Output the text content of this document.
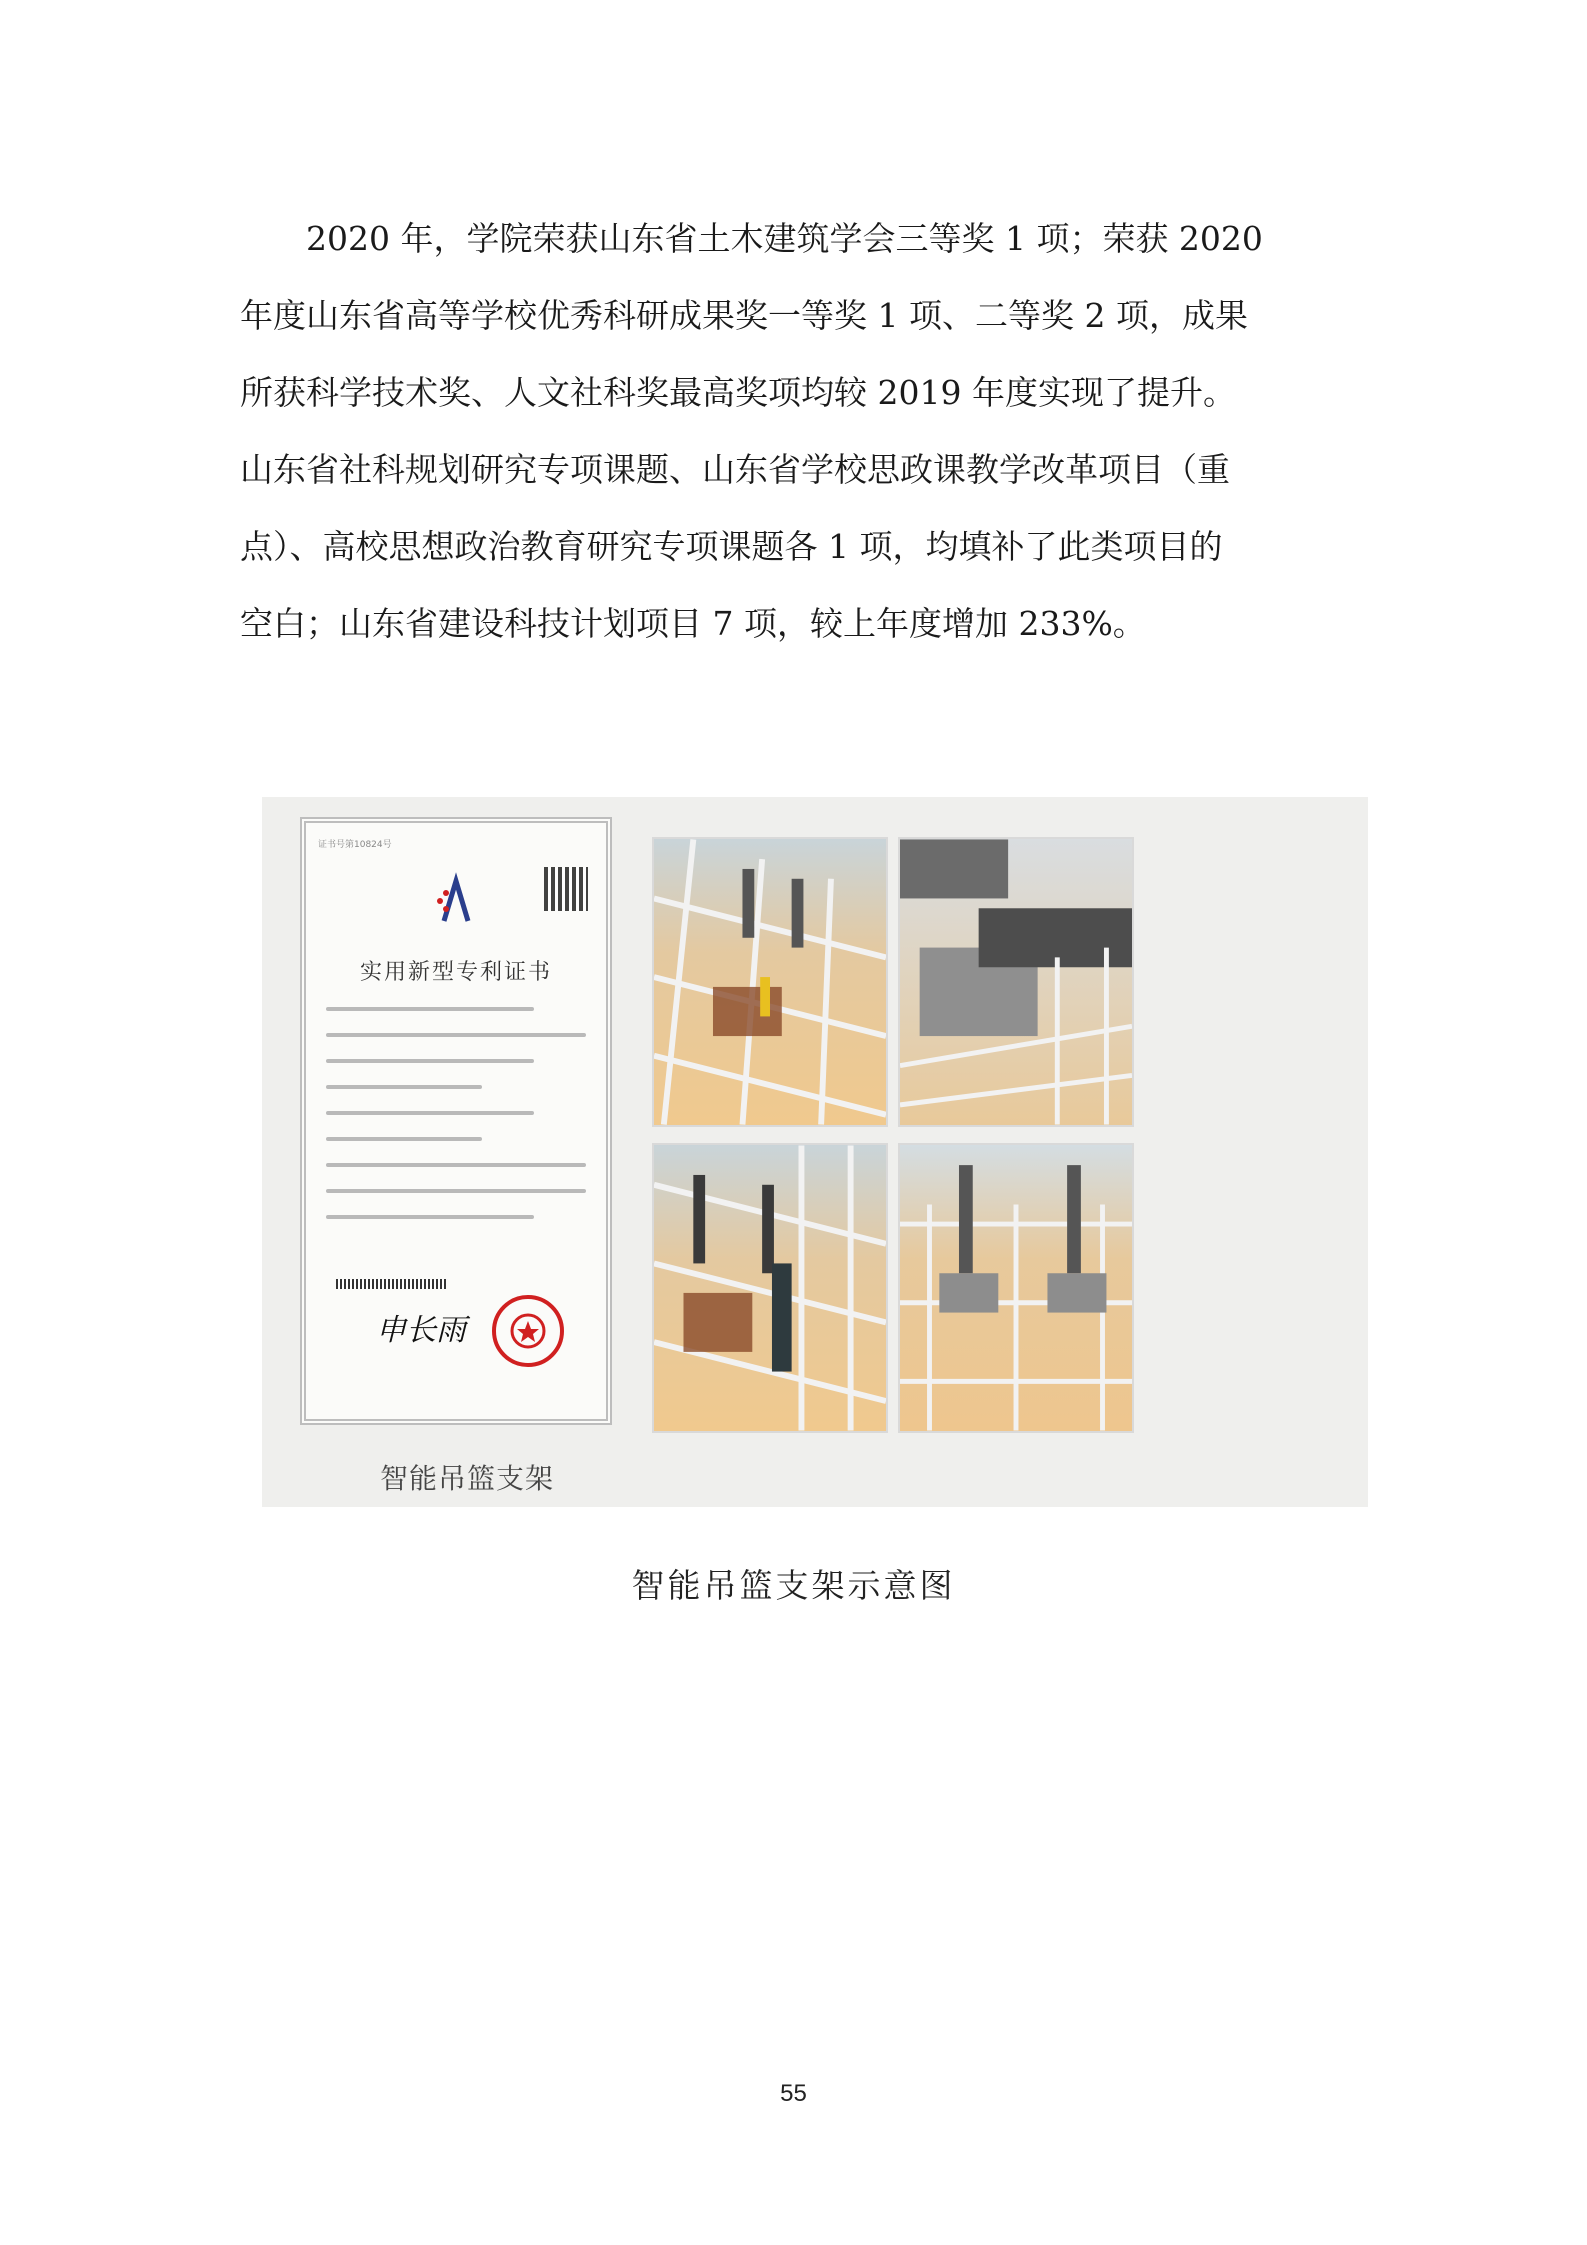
　　2020 年，学院荣获山东省土木建筑学会三等奖 1 项；荣获 2020

年度山东省高等学校优秀科研成果奖一等奖 1 项、二等奖 2 项，成果

所获科学技术奖、人文社科奖最高奖项均较 2019 年度实现了提升。

山东省社科规划研究专项课题、山东省学校思政课教学改革项目（重

点）、高校思想政治教育研究专项课题各 1 项，均填补了此类项目的

空白；山东省建设科技计划项目 7 项，较上年度增加 233%。

证书号第10824号
实用新型专利证书
申长雨
智能吊篮支架
智能吊篮支架示意图
55
